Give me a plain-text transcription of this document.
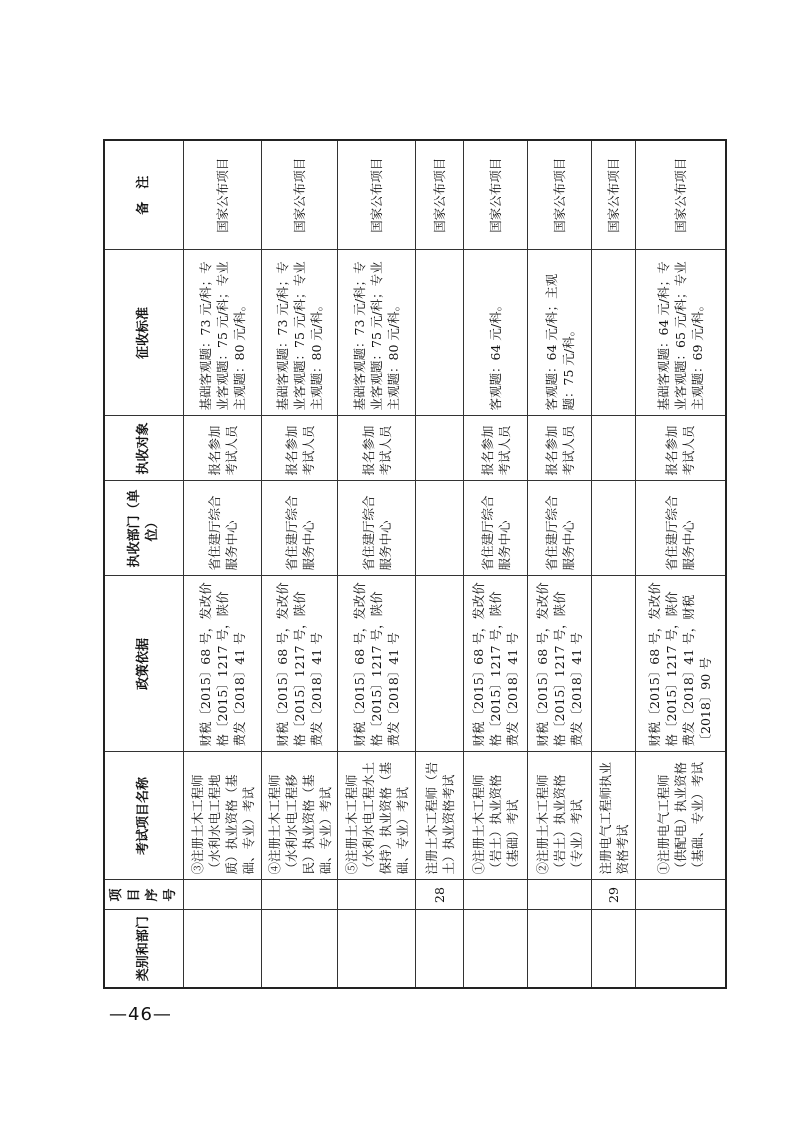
—46—
类别和部门	项目序号	考试项目名称	政策依据	执收部门（单位）	执收对象	征收标准	备　注
		③注册土木工程师（水利水电工程地质）执业资格（基础、专业）考试	财税〔2015〕68 号，发改价格〔2015〕1217 号，陕价费发〔2018〕41 号	省住建厅综合服务中心	报名参加考试人员	基础客观题：73 元/科；专业客观题：75 元/科；专业主观题：80 元/科。	国家公布项目
		④注册土木工程师（水利水电工程移民）执业资格（基础、专业）考试	财税〔2015〕68 号，发改价格〔2015〕1217 号，陕价费发〔2018〕41 号	省住建厅综合服务中心	报名参加考试人员	基础客观题：73 元/科；专业客观题：75 元/科；专业主观题：80 元/科。	国家公布项目
		⑤注册土木工程师（水利水电工程水土保持）执业资格（基础、专业）考试	财税〔2015〕68 号，发改价格〔2015〕1217 号，陕价费发〔2018〕41 号	省住建厅综合服务中心	报名参加考试人员	基础客观题：73 元/科；专业客观题：75 元/科；专业主观题：80 元/科。	国家公布项目
	28	注册土木工程师（岩土）执业资格考试					国家公布项目
		①注册土木工程师（岩土）执业资格（基础）考试	财税〔2015〕68 号，发改价格〔2015〕1217 号，陕价费发〔2018〕41 号	省住建厅综合服务中心	报名参加考试人员	客观题：64 元/科。	国家公布项目
		②注册土木工程师（岩土）执业资格（专业）考试	财税〔2015〕68 号，发改价格〔2015〕1217 号，陕价费发〔2018〕41 号	省住建厅综合服务中心	报名参加考试人员	客观题：64 元/科；主观题：75 元/科。	国家公布项目
	29	注册电气工程师执业资格考试					国家公布项目
		①注册电气工程师（供配电）执业资格（基础、专业）考试	财税〔2015〕68 号，发改价格〔2015〕1217 号，陕价费发〔2018〕41 号，财税〔2018〕90 号	省住建厅综合服务中心	报名参加考试人员	基础客观题：64 元/科；专业客观题：65 元/科；专业主观题：69 元/科。	国家公布项目
